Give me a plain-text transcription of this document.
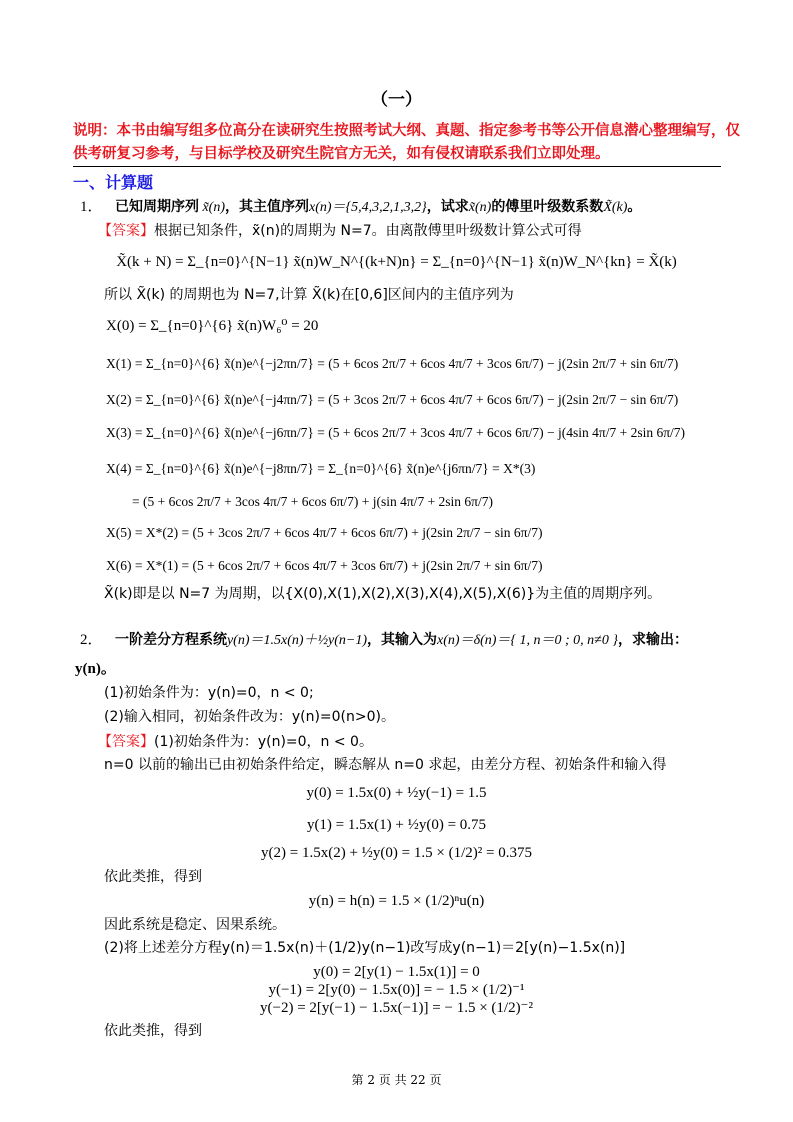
（一）
说明：本书由编写组多位高分在读研究生按照考试大纲、真题、指定参考书等公开信息潜心整理编写，仅
供考研复习参考，与目标学校及研究生院官方无关，如有侵权请联系我们立即处理。
一、计算题
1． 已知周期序列 x̃(n)，其主值序列x(n)＝{5,4,3,2,1,3,2}，试求x̃(n)的傅里叶级数系数X̃(k)。
【答案】根据已知条件，x̃(n)的周期为 N=7。由离散傅里叶级数计算公式可得
X̃(k + N) = Σ_{n=0}^{N−1} x̃(n)W_N^{(k+N)n} = Σ_{n=0}^{N−1} x̃(n)W_N^{kn} = X̃(k)
所以 X̃(k) 的周期也为 N=7,计算 X̃(k)在[0,6]区间内的主值序列为
X(0) = Σ_{n=0}^{6} x̃(n)W₆⁰ = 20
X(1) = Σ_{n=0}^{6} x̃(n)e^{−j2πn/7} = (5 + 6cos 2π/7 + 6cos 4π/7 + 3cos 6π/7) − j(2sin 2π/7 + sin 6π/7)
X(2) = Σ_{n=0}^{6} x̃(n)e^{−j4πn/7} = (5 + 3cos 2π/7 + 6cos 4π/7 + 6cos 6π/7) − j(2sin 2π/7 − sin 6π/7)
X(3) = Σ_{n=0}^{6} x̃(n)e^{−j6πn/7} = (5 + 6cos 2π/7 + 3cos 4π/7 + 6cos 6π/7) − j(4sin 4π/7 + 2sin 6π/7)
X(4) = Σ_{n=0}^{6} x̃(n)e^{−j8πn/7} = Σ_{n=0}^{6} x̃(n)e^{j6πn/7} = X*(3)
= (5 + 6cos 2π/7 + 3cos 4π/7 + 6cos 6π/7) + j(sin 4π/7 + 2sin 6π/7)
X(5) = X*(2) = (5 + 3cos 2π/7 + 6cos 4π/7 + 6cos 6π/7) + j(2sin 2π/7 − sin 6π/7)
X(6) = X*(1) = (5 + 6cos 2π/7 + 6cos 4π/7 + 3cos 6π/7) + j(2sin 2π/7 + sin 6π/7)
X̃(k)即是以 N=7 为周期，以{X(0),X(1),X(2),X(3),X(4),X(5),X(6)}为主值的周期序列。
2． 一阶差分方程系统y(n)＝1.5x(n)＋½y(n−1)，其输入为x(n)＝δ(n)＝{ 1, n＝0 ; 0, n≠0 }，求输出：
y(n)。
(1)初始条件为：y(n)=0，n < 0;
(2)输入相同，初始条件改为：y(n)=0(n>0)。
【答案】(1)初始条件为：y(n)=0，n < 0。
n=0 以前的输出已由初始条件给定，瞬态解从 n=0 求起，由差分方程、初始条件和输入得
y(0) = 1.5x(0) + ½y(−1) = 1.5
y(1) = 1.5x(1) + ½y(0) = 0.75
y(2) = 1.5x(2) + ½y(0) = 1.5 × (1/2)² = 0.375
依此类推，得到
y(n) = h(n) = 1.5 × (1/2)ⁿu(n)
因此系统是稳定、因果系统。
(2)将上述差分方程y(n)＝1.5x(n)＋(1/2)y(n−1)改写成y(n−1)＝2[y(n)−1.5x(n)]
y(0) = 2[y(1) − 1.5x(1)] = 0
y(−1) = 2[y(0) − 1.5x(0)] = − 1.5 × (1/2)⁻¹
y(−2) = 2[y(−1) − 1.5x(−1)] = − 1.5 × (1/2)⁻²
依此类推，得到
第 2 页 共 22 页
